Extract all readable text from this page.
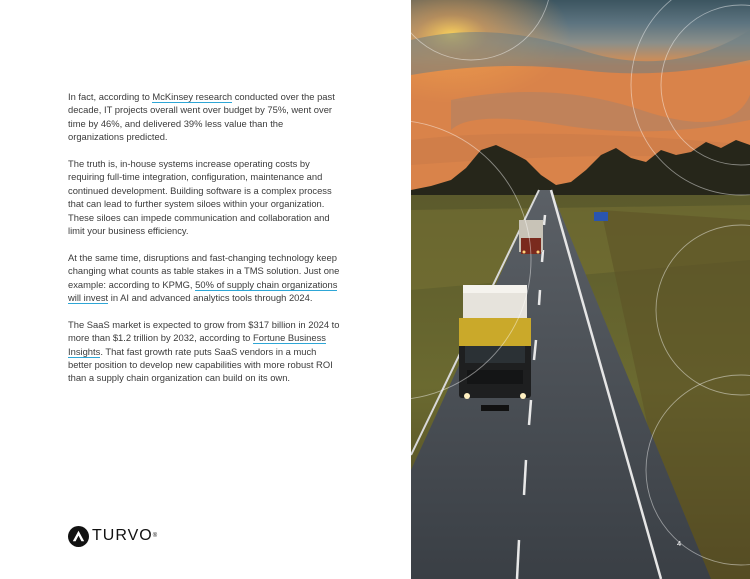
In fact, according to McKinsey research conducted over the past decade, IT projects overall went over budget by 75%, went over time by 46%, and delivered 39% less value than the organizations predicted.

The truth is, in-house systems increase operating costs by requiring full-time integration, configuration, maintenance and continued development. Building software is a complex process that can lead to further system siloes within your organization. These siloes can impede communication and collaboration and limit your business efficiency.

At the same time, disruptions and fast-changing technology keep changing what counts as table stakes in a TMS solution. Just one example: according to KPMG, 50% of supply chain organizations will invest in AI and advanced analytics tools through 2024.

The SaaS market is expected to grow from $317 billion in 2024 to more than $1.2 trillion by 2032, according to Fortune Business Insights. That fast growth rate puts SaaS vendors in a much better position to develop new capabilities with more robust ROI than a supply chain organization can build on its own.

TURVO ®
4
